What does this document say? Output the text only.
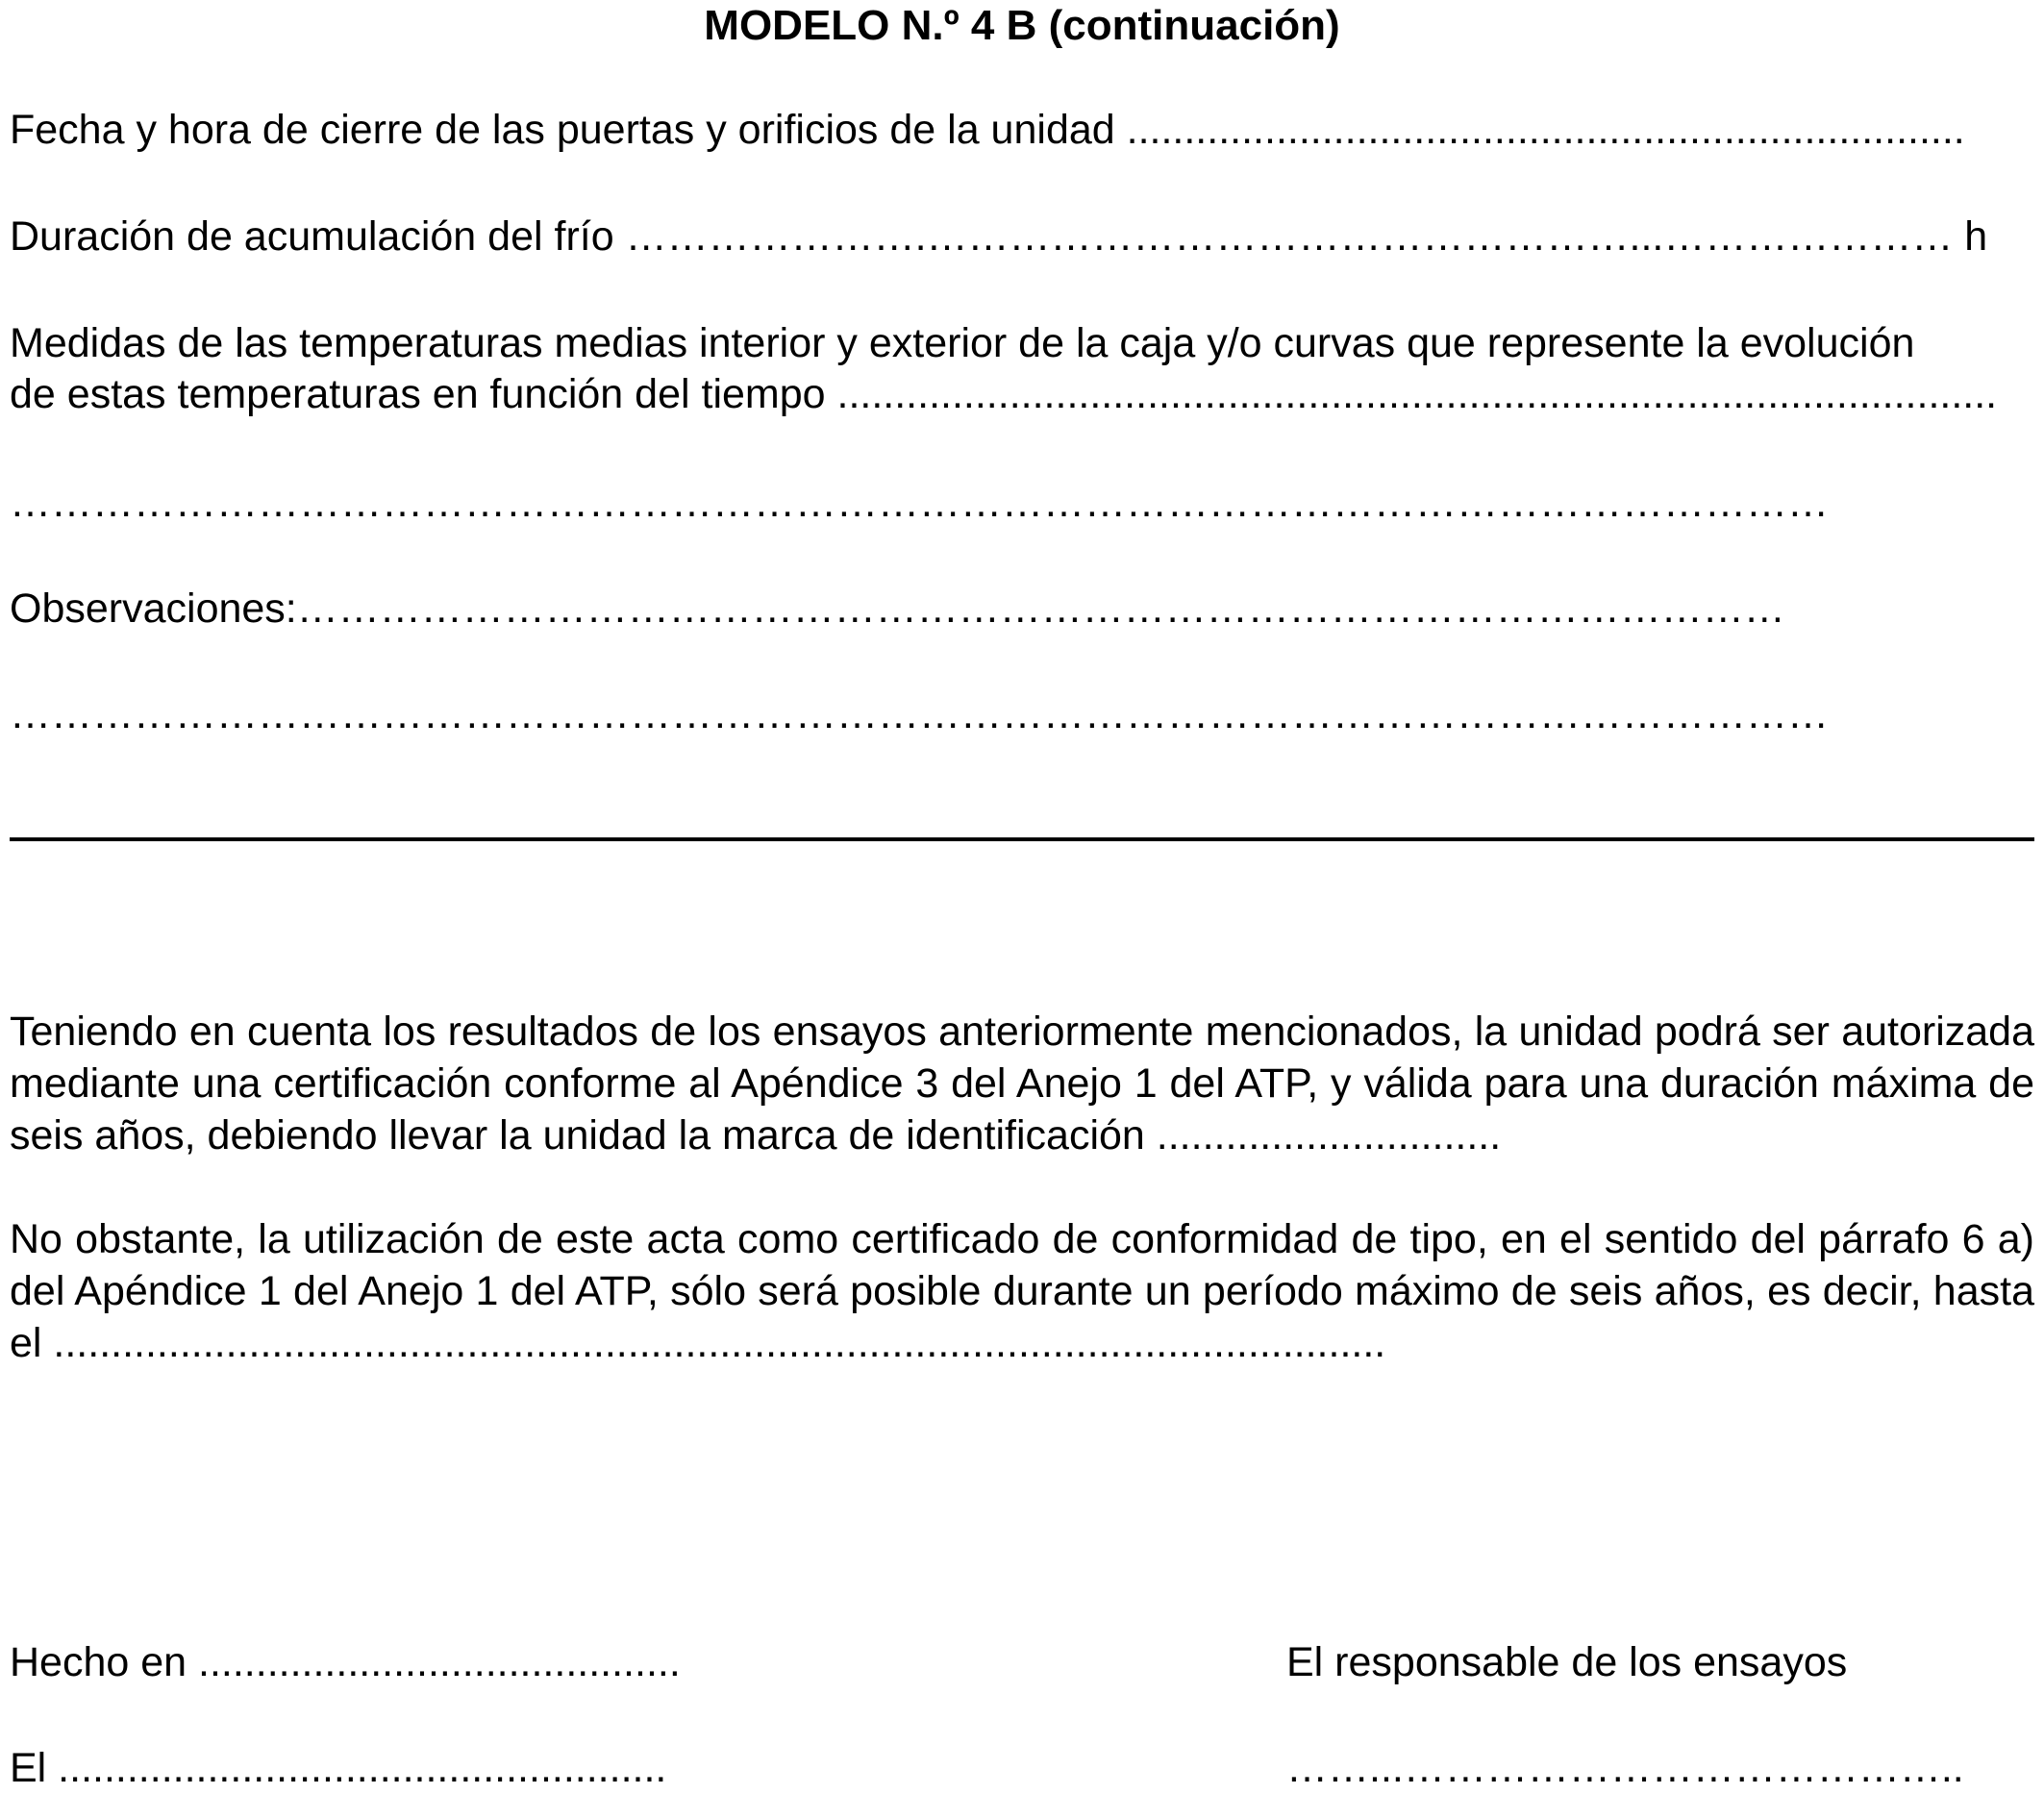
MODELO N.º 4 B (continuación)
Fecha y hora de cierre de las puertas y orificios de la unidad .........................................................................
Duración de acumulación del frío ………………….……………………………………………...………………… h
Medidas de las temperaturas medias interior y exterior de la caja y/o curvas que represente la evolución
de estas temperaturas en función del tiempo .....................................................................................................
……………………………………………………………………………………………………………………
Observaciones:………………………………………………………………………………………………
……………………………………………………………………………………………………………………
Teniendo en cuenta los resultados de los ensayos anteriormente mencionados, la unidad podrá ser autorizada mediante una certificación conforme al Apéndice 3 del Anejo 1 del ATP, y válida para una duración máxima de seis años, debiendo llevar la unidad la marca de identificación ..............................
No obstante, la utilización de este acta como certificado de conformidad de tipo, en el sentido del párrafo 6 a) del Apéndice 1 del Anejo 1 del ATP, sólo será posible durante un período máximo de seis años, es decir, hasta el ....................................................................................................................
Hecho en ..........................................	El responsable de los ensayos
El .....................................................	……...…………………………………..
